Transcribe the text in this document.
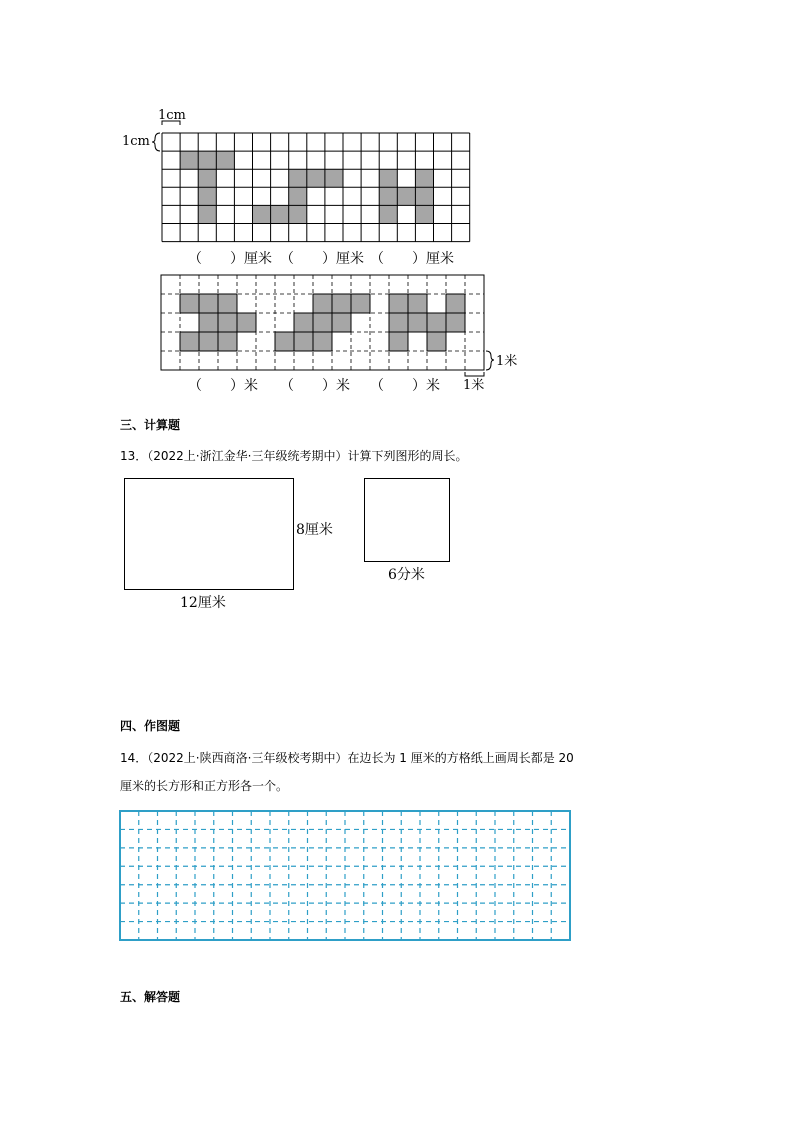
1cm
1cm
（　　）厘米 （　　）厘米 （　　）厘米
1米
1米
（　　）米 （　　）米 （　　）米
三、计算题
13．（2022上·浙江金华·三年级统考期中）计算下列图形的周长。
8厘米
12厘米
6分米
四、作图题
14．（2022上·陕西商洛·三年级校考期中）在边长为 1 厘米的方格纸上画周长都是 20
厘米的长方形和正方形各一个。
五、解答题
